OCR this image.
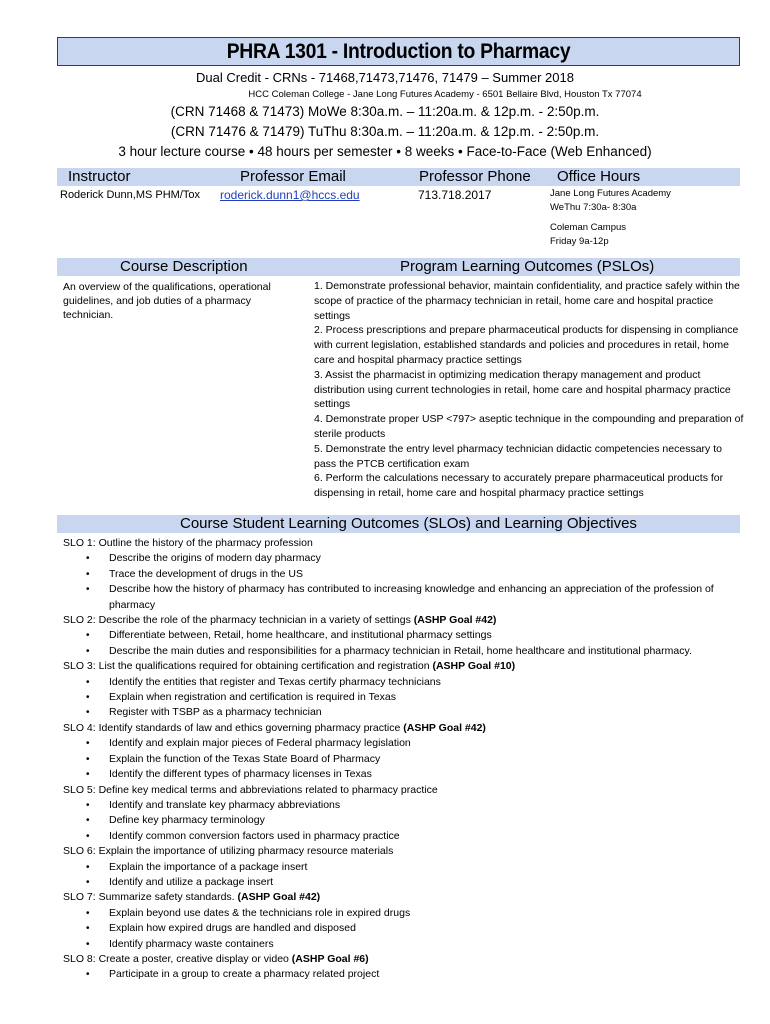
PHRA 1301 - Introduction to Pharmacy
Dual Credit - CRNs - 71468,71473,71476, 71479 – Summer 2018
HCC Coleman College - Jane Long Futures Academy - 6501 Bellaire Blvd, Houston Tx 77074
(CRN 71468 & 71473) MoWe 8:30a.m. – 11:20a.m. & 12p.m. - 2:50p.m.
(CRN 71476 & 71479) TuThu 8:30a.m. – 11:20a.m. & 12p.m. - 2:50p.m.
3 hour lecture course • 48 hours per semester • 8 weeks • Face-to-Face (Web Enhanced)
Instructor	Professor Email	Professor Phone Office Hours
Roderick Dunn,MS PHM/Tox roderick.dunn1@hccs.edu	713.718.2017	Jane Long Futures Academy
WeThu 7:30a- 8:30a
Coleman Campus
Friday 9a-12p
Course Description	Program Learning Outcomes (PSLOs)
An overview of the qualifications, operational guidelines, and job duties of a pharmacy technician.
1. Demonstrate professional behavior, maintain confidentiality, and practice safely within the scope of practice of the pharmacy technician in retail, home care and hospital practice settings
2. Process prescriptions and prepare pharmaceutical products for dispensing in compliance with current legislation, established standards and policies and procedures in retail, home care and hospital pharmacy practice settings
3. Assist the pharmacist in optimizing medication therapy management and product distribution using current technologies in retail, home care and hospital pharmacy practice settings
4. Demonstrate proper USP <797> aseptic technique in the compounding and preparation of sterile products
5. Demonstrate the entry level pharmacy technician didactic competencies necessary to pass the PTCB certification exam
6. Perform the calculations necessary to accurately prepare pharmaceutical products for dispensing in retail, home care and hospital pharmacy practice settings
Course Student Learning Outcomes (SLOs) and Learning Objectives
SLO 1: Outline the history of the pharmacy profession
• Describe the origins of modern day pharmacy
• Trace the development of drugs in the US
• Describe how the history of pharmacy has contributed to increasing knowledge and enhancing an appreciation of the profession of pharmacy
SLO 2: Describe the role of the pharmacy technician in a variety of settings (ASHP Goal #42)
• Differentiate between, Retail, home healthcare, and institutional pharmacy settings
• Describe the main duties and responsibilities for a pharmacy technician in Retail, home healthcare and institutional pharmacy.
SLO 3: List the qualifications required for obtaining certification and registration (ASHP Goal #10)
• Identify the entities that register and Texas certify pharmacy technicians
• Explain when registration and certification is required in Texas
• Register with TSBP as a pharmacy technician
SLO 4: Identify standards of law and ethics governing pharmacy practice (ASHP Goal #42)
• Identify and explain major pieces of Federal pharmacy legislation
• Explain the function of the Texas State Board of Pharmacy
• Identify the different types of pharmacy licenses in Texas
SLO 5: Define key medical terms and abbreviations related to pharmacy practice
• Identify and translate key pharmacy abbreviations
• Define key pharmacy terminology
• Identify common conversion factors used in pharmacy practice
SLO 6: Explain the importance of utilizing pharmacy resource materials
• Explain the importance of a package insert
• Identify and utilize a package insert
SLO 7: Summarize safety standards. (ASHP Goal #42)
• Explain beyond use dates & the technicians role in expired drugs
• Explain how expired drugs are handled and disposed
• Identify pharmacy waste containers
SLO 8: Create a poster, creative display or video (ASHP Goal #6)
• Participate in a group to create a pharmacy related project
